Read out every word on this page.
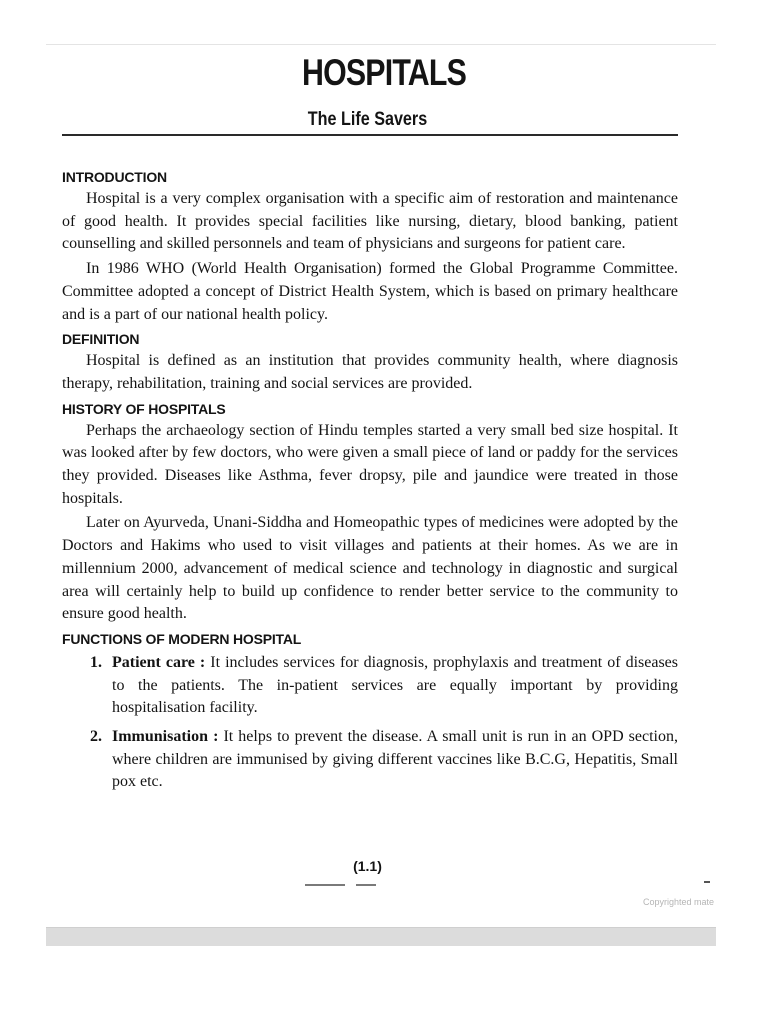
HOSPITALS
The Life Savers
INTRODUCTION

Hospital is a very complex organisation with a specific aim of restoration and maintenance of good health. It provides special facilities like nursing, dietary, blood banking, patient counselling and skilled personnels and team of physicians and surgeons for patient care.

In 1986 WHO (World Health Organisation) formed the Global Programme Committee. Committee adopted a concept of District Health System, which is based on primary healthcare and is a part of our national health policy.

DEFINITION

Hospital is defined as an institution that provides community health, where diagnosis therapy, rehabilitation, training and social services are provided.

HISTORY OF HOSPITALS

Perhaps the archaeology section of Hindu temples started a very small bed size hospital. It was looked after by few doctors, who were given a small piece of land or paddy for the services they provided. Diseases like Asthma, fever dropsy, pile and jaundice were treated in those hospitals.

Later on Ayurveda, Unani-Siddha and Homeopathic types of medicines were adopted by the Doctors and Hakims who used to visit villages and patients at their homes. As we are in millennium 2000, advancement of medical science and technology in diagnostic and surgical area will certainly help to build up confidence to render better service to the community to ensure good health.

FUNCTIONS OF MODERN HOSPITAL
1. Patient care : It includes services for diagnosis, prophylaxis and treatment of diseases to the patients. The in-patient services are equally important by providing hospitalisation facility.
2. Immunisation : It helps to prevent the disease. A small unit is run in an OPD section, where children are immunised by giving different vaccines like B.C.G, Hepatitis, Small pox etc.
(1.1)
Copyrighted mate
